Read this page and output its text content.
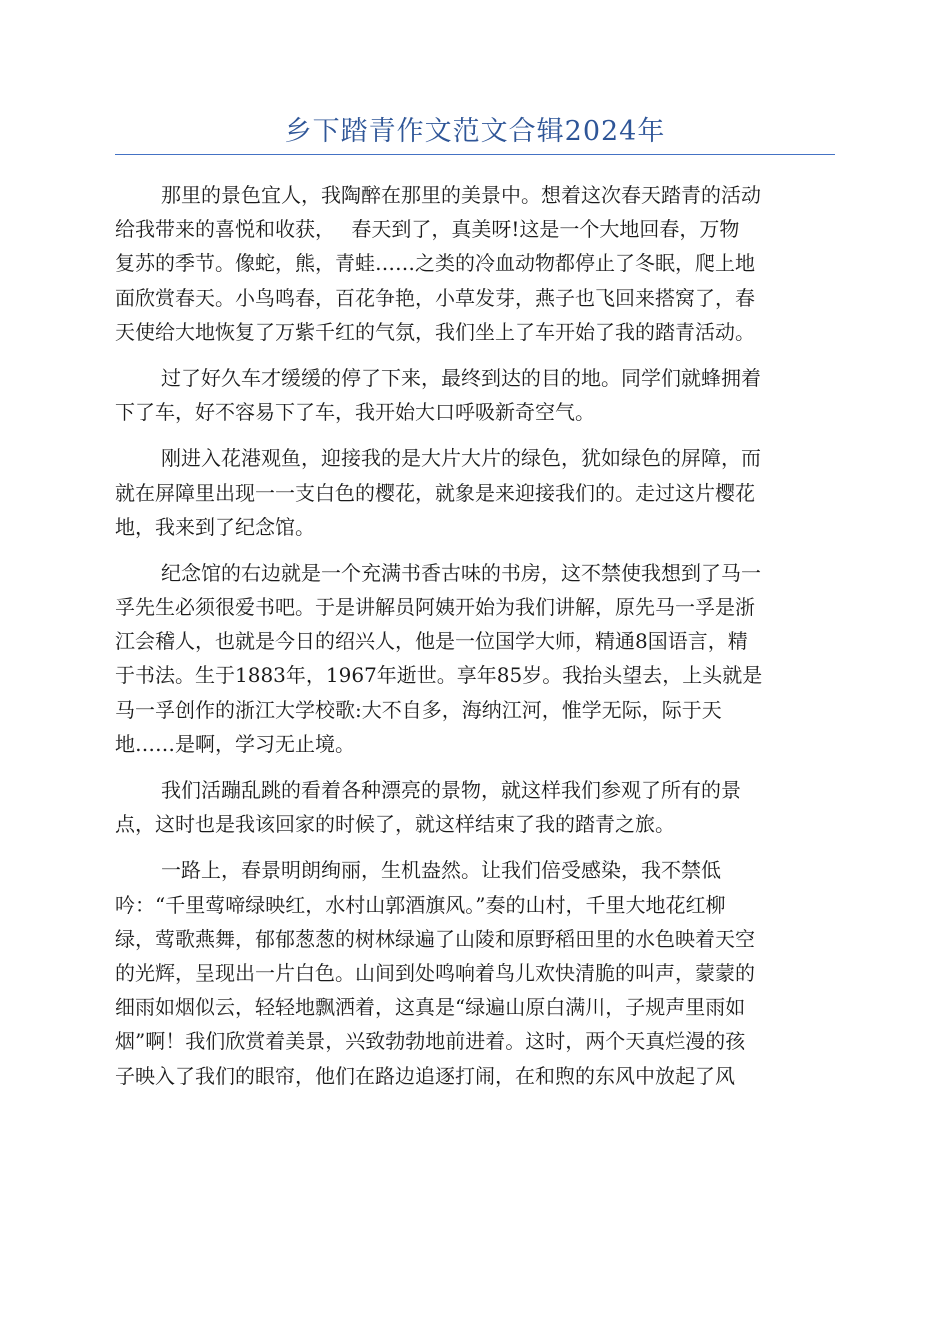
乡下踏青作文范文合辑2024年
那里的景色宜人，我陶醉在那里的美景中。想着这次春天踏青的活动
给我带来的喜悦和收获，　 春天到了，真美呀!这是一个大地回春，万物
复苏的季节。像蛇，熊，青蛙……之类的冷血动物都停止了冬眠，爬上地
面欣赏春天。小鸟鸣春，百花争艳，小草发芽，燕子也飞回来搭窝了，春
天使给大地恢复了万紫千红的气氛，我们坐上了车开始了我的踏青活动。
过了好久车才缓缓的停了下来，最终到达的目的地。同学们就蜂拥着
下了车，好不容易下了车，我开始大口呼吸新奇空气。
刚进入花港观鱼，迎接我的是大片大片的绿色，犹如绿色的屏障，而
就在屏障里出现一一支白色的樱花，就象是来迎接我们的。走过这片樱花
地，我来到了纪念馆。
纪念馆的右边就是一个充满书香古味的书房，这不禁使我想到了马一
孚先生必须很爱书吧。于是讲解员阿姨开始为我们讲解，原先马一孚是浙
江会稽人，也就是今日的绍兴人，他是一位国学大师，精通8国语言，精
于书法。生于1883年，1967年逝世。享年85岁。我抬头望去，上头就是
马一孚创作的浙江大学校歌:大不自多，海纳江河，惟学无际，际于天
地……是啊，学习无止境。
我们活蹦乱跳的看着各种漂亮的景物，就这样我们参观了所有的景
点，这时也是我该回家的时候了，就这样结束了我的踏青之旅。
一路上，春景明朗绚丽，生机盎然。让我们倍受感染，我不禁低
吟：“千里莺啼绿映红，水村山郭酒旗风。”奏的山村，千里大地花红柳
绿，莺歌燕舞，郁郁葱葱的树林绿遍了山陵和原野稻田里的水色映着天空
的光辉，呈现出一片白色。山间到处鸣响着鸟儿欢快清脆的叫声，蒙蒙的
细雨如烟似云，轻轻地飘洒着，这真是“绿遍山原白满川，子规声里雨如
烟”啊！我们欣赏着美景，兴致勃勃地前进着。这时，两个天真烂漫的孩
子映入了我们的眼帘，他们在路边追逐打闹，在和煦的东风中放起了风
